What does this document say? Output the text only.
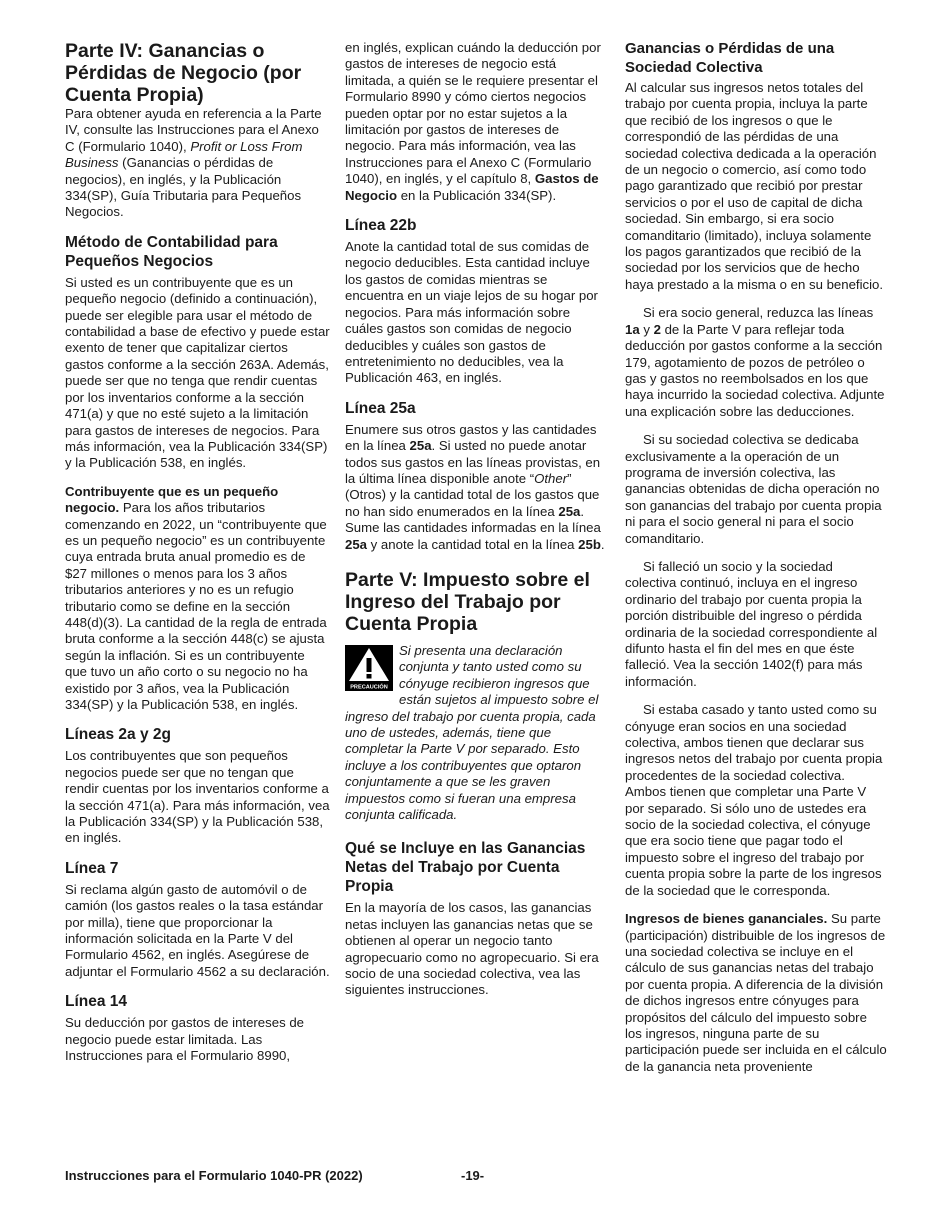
Parte IV: Ganancias o Pérdidas de Negocio (por Cuenta Propia)

Para obtener ayuda en referencia a la Parte IV, consulte las Instrucciones para el Anexo C (Formulario 1040), Profit or Loss From Business (Ganancias o pérdidas de negocios), en inglés, y la Publicación 334(SP), Guía Tributaria para Pequeños Negocios.

Método de Contabilidad para Pequeños Negocios

Si usted es un contribuyente que es un pequeño negocio (definido a continuación), puede ser elegible para usar el método de contabilidad a base de efectivo y puede estar exento de tener que capitalizar ciertos gastos conforme a la sección 263A. Además, puede ser que no tenga que rendir cuentas por los inventarios conforme a la sección 471(a) y que no esté sujeto a la limitación para gastos de intereses de negocios. Para más información, vea la Publicación 334(SP) y la Publicación 538, en inglés.

Contribuyente que es un pequeño negocio. Para los años tributarios comenzando en 2022, un “contribuyente que es un pequeño negocio” es un contribuyente cuya entrada bruta anual promedio es de $27 millones o menos para los 3 años tributarios anteriores y no es un refugio tributario como se define en la sección 448(d)(3). La cantidad de la regla de entrada bruta conforme a la sección 448(c) se ajusta según la inflación. Si es un contribuyente que tuvo un año corto o su negocio no ha existido por 3 años, vea la Publicación 334(SP) y la Publicación 538, en inglés.

Líneas 2a y 2g

Los contribuyentes que son pequeños negocios puede ser que no tengan que rendir cuentas por los inventarios conforme a la sección 471(a). Para más información, vea la Publicación 334(SP) y la Publicación 538, en inglés.

Línea 7

Si reclama algún gasto de automóvil o de camión (los gastos reales o la tasa estándar por milla), tiene que proporcionar la información solicitada en la Parte V del Formulario 4562, en inglés. Asegúrese de adjuntar el Formulario 4562 a su declaración.

Línea 14

Su deducción por gastos de intereses de negocio puede estar limitada. Las Instrucciones para el Formulario 8990,

en inglés, explican cuándo la deducción por gastos de intereses de negocio está limitada, a quién se le requiere presentar el Formulario 8990 y cómo ciertos negocios pueden optar por no estar sujetos a la limitación por gastos de intereses de negocio. Para más información, vea las Instrucciones para el Anexo C (Formulario 1040), en inglés, y el capítulo 8, Gastos de Negocio en la Publicación 334(SP).

Línea 22b

Anote la cantidad total de sus comidas de negocio deducibles. Esta cantidad incluye los gastos de comidas mientras se encuentra en un viaje lejos de su hogar por negocios. Para más información sobre cuáles gastos son comidas de negocio deducibles y cuáles son gastos de entretenimiento no deducibles, vea la Publicación 463, en inglés.

Línea 25a

Enumere sus otros gastos y las cantidades en la línea 25a. Si usted no puede anotar todos sus gastos en las líneas provistas, en la última línea disponible anote “Other” (Otros) y la cantidad total de los gastos que no han sido enumerados en la línea 25a. Sume las cantidades informadas en la línea 25a y anote la cantidad total en la línea 25b.

Parte V: Impuesto sobre el Ingreso del Trabajo por Cuenta Propia
PRECAUCIÓN

Si presenta una declaración conjunta y tanto usted como su cónyuge recibieron ingresos que están sujetos al impuesto sobre el ingreso del trabajo por cuenta propia, cada uno de ustedes, además, tiene que completar la Parte V por separado. Esto incluye a los contribuyentes que optaron conjuntamente a que se les graven impuestos como si fueran una empresa conjunta calificada.

Qué se Incluye en las Ganancias Netas del Trabajo por Cuenta Propia

En la mayoría de los casos, las ganancias netas incluyen las ganancias netas que se obtienen al operar un negocio tanto agropecuario como no agropecuario. Si era socio de una sociedad colectiva, vea las siguientes instrucciones.

Ganancias o Pérdidas de una Sociedad Colectiva

Al calcular sus ingresos netos totales del trabajo por cuenta propia, incluya la parte que recibió de los ingresos o que le correspondió de las pérdidas de una sociedad colectiva dedicada a la operación de un negocio o comercio, así como todo pago garantizado que recibió por prestar servicios o por el uso de capital de dicha sociedad. Sin embargo, si era socio comanditario (limitado), incluya solamente los pagos garantizados que recibió de la sociedad por los servicios que de hecho haya prestado a la misma o en su beneficio.

Si era socio general, reduzca las líneas 1a y 2 de la Parte V para reflejar toda deducción por gastos conforme a la sección 179, agotamiento de pozos de petróleo o gas y gastos no reembolsados en los que haya incurrido la sociedad colectiva. Adjunte una explicación sobre las deducciones.

Si su sociedad colectiva se dedicaba exclusivamente a la operación de un programa de inversión colectiva, las ganancias obtenidas de dicha operación no son ganancias del trabajo por cuenta propia ni para el socio general ni para el socio comanditario.

Si falleció un socio y la sociedad colectiva continuó, incluya en el ingreso ordinario del trabajo por cuenta propia la porción distribuible del ingreso o pérdida ordinaria de la sociedad correspondiente al difunto hasta el fin del mes en que éste falleció. Vea la sección 1402(f) para más información.

Si estaba casado y tanto usted como su cónyuge eran socios en una sociedad colectiva, ambos tienen que declarar sus ingresos netos del trabajo por cuenta propia procedentes de la sociedad colectiva. Ambos tienen que completar una Parte V por separado. Si sólo uno de ustedes era socio de la sociedad colectiva, el cónyuge que era socio tiene que pagar todo el impuesto sobre el ingreso del trabajo por cuenta propia sobre la parte de los ingresos de la sociedad que le corresponda.

Ingresos de bienes gananciales. Su parte (participación) distribuible de los ingresos de una sociedad colectiva se incluye en el cálculo de sus ganancias netas del trabajo por cuenta propia. A diferencia de la división de dichos ingresos entre cónyuges para propósitos del cálculo del impuesto sobre los ingresos, ninguna parte de su participación puede ser incluida en el cálculo de la ganancia neta proveniente

Instrucciones para el Formulario 1040-PR (2022)	-19-
